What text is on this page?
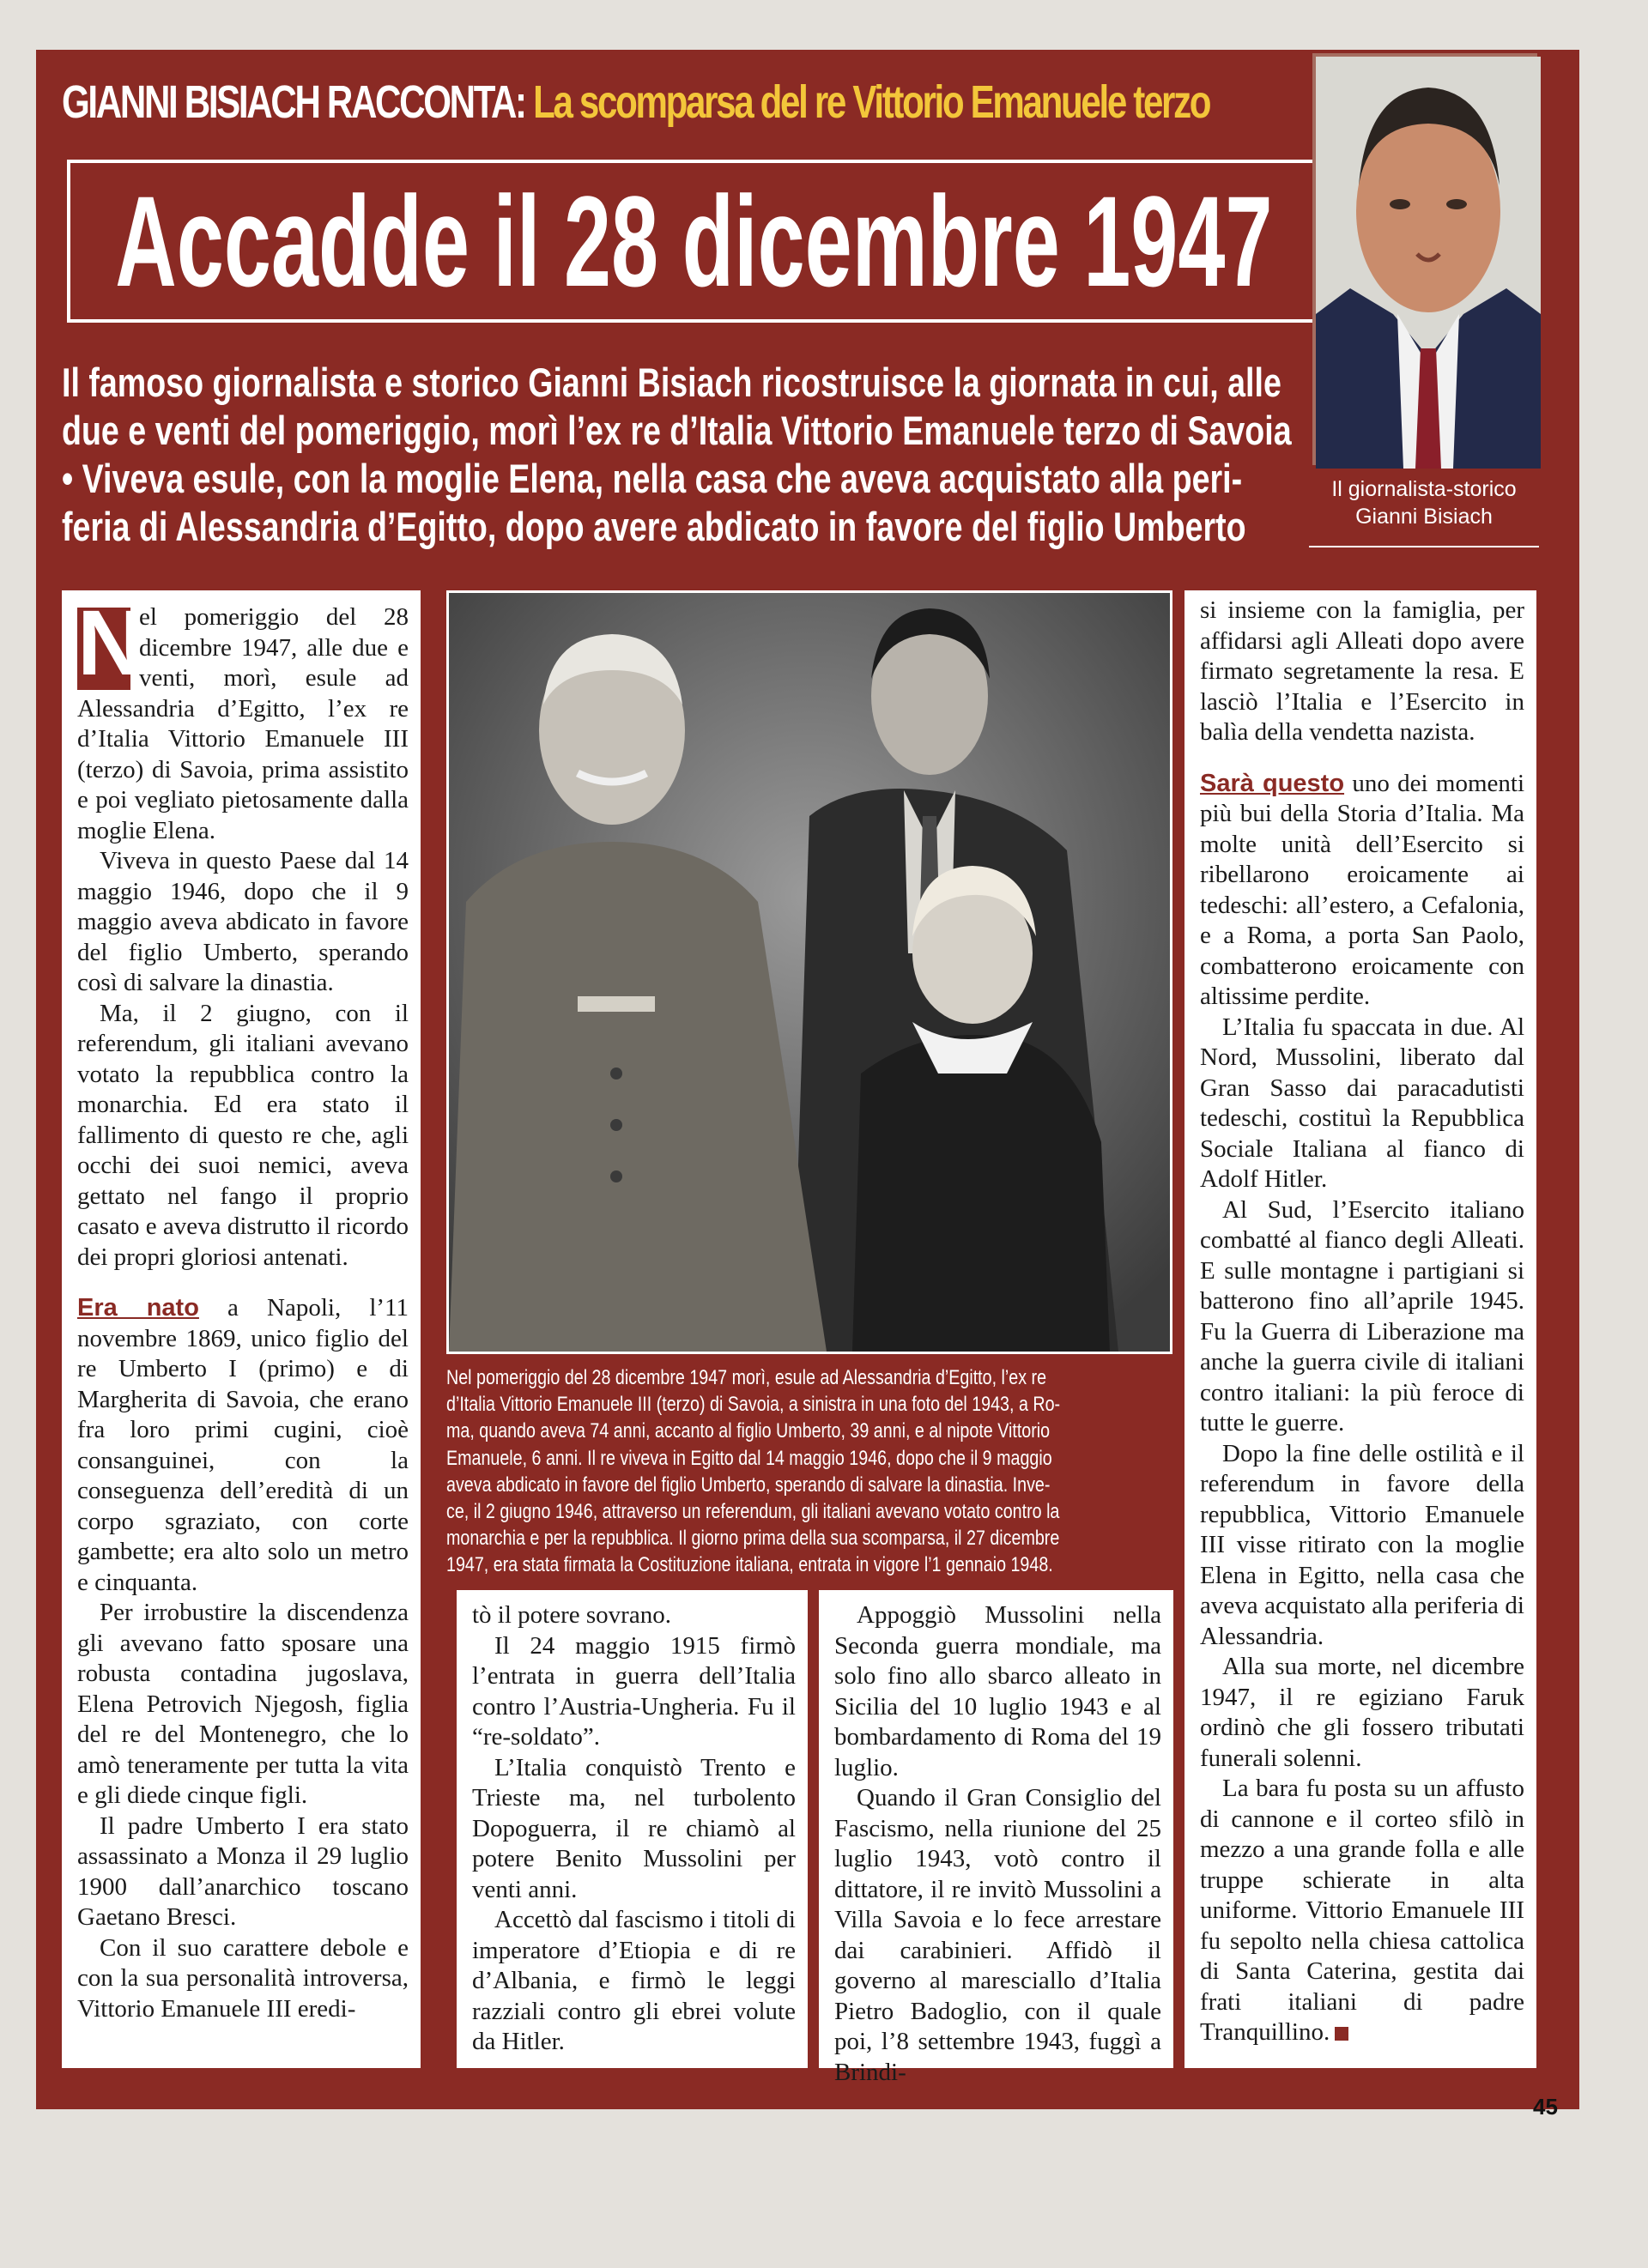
GIANNI BISIACH RACCONTA: La scomparsa del re Vittorio Emanuele terzo
Accadde il 28 dicembre 1947
Il giornalista-storico
Gianni Bisiach

Il famoso giornalista e storico Gianni Bisiach ricostruisce la giornata in cui, alle

due e venti del pomeriggio, morì l’ex re d’Italia Vittorio Emanuele terzo di Savoia

• Viveva esule, con la moglie Elena, nella casa che aveva acquistato alla peri-

feria di Alessandria d’Egitto, dopo avere abdicato in favore del figlio Umberto

N

el pomeriggio del 28 dicembre 1947, alle due e venti, morì, esule ad Alessandria d’Egitto, l’ex re d’Italia Vittorio Emanuele III (terzo) di Savoia, prima assistito e poi vegliato pietosamente dalla moglie Elena.

Viveva in questo Paese dal 14 maggio 1946, dopo che il 9 maggio aveva abdicato in favore del figlio Umberto, sperando così di salvare la dinastia.

Ma, il 2 giugno, con il referendum, gli italiani avevano votato la repubblica contro la monarchia. Ed era stato il fallimento di questo re che, agli occhi dei suoi nemici, aveva gettato nel fango il proprio casato e aveva distrutto il ricordo dei propri gloriosi antenati.

Era nato a Napoli, l’11 novembre 1869, unico figlio del re Umberto I (primo) e di Margherita di Savoia, che erano fra loro primi cugini, cioè consanguinei, con la conseguenza dell’eredità di un corpo sgraziato, con corte gambette; era alto solo un metro e cinquanta.

Per irrobustire la discendenza gli avevano fatto sposare una robusta contadina jugoslava, Elena Petrovich Njegosh, figlia del re del Montenegro, che lo amò teneramente per tutta la vita e gli diede cinque figli.

Il padre Umberto I era stato assassinato a Monza il 29 luglio 1900 dall’anarchico toscano Gaetano Bresci.

Con il suo carattere debole e con la sua personalità introversa, Vittorio Emanuele III eredi-

Nel pomeriggio del 28 dicembre 1947 morì, esule ad Alessandria d’Egitto, l’ex re

d’Italia Vittorio Emanuele III (terzo) di Savoia, a sinistra in una foto del 1943, a Ro-

ma, quando aveva 74 anni, accanto al figlio Umberto, 39 anni, e al nipote Vittorio

Emanuele, 6 anni. Il re viveva in Egitto dal 14 maggio 1946, dopo che il 9 maggio

aveva abdicato in favore del figlio Umberto, sperando di salvare la dinastia. Inve-

ce, il 2 giugno 1946, attraverso un referendum, gli italiani avevano votato contro la

monarchia e per la repubblica. Il giorno prima della sua scomparsa, il 27 dicembre

1947, era stata firmata la Costituzione italiana, entrata in vigore l’1 gennaio 1948.

tò il potere sovrano.

Il 24 maggio 1915 firmò l’entrata in guerra dell’Italia contro l’Austria-Ungheria. Fu il “re-soldato”.

L’Italia conquistò Trento e Trieste ma, nel turbolento Dopoguerra, il re chiamò al potere Benito Mussolini per venti anni.

Accettò dal fascismo i titoli di imperatore d’Etiopia e di re d’Albania, e firmò le leggi razziali contro gli ebrei volute da Hitler.

Appoggiò Mussolini nella Seconda guerra mondiale, ma solo fino allo sbarco alleato in Sicilia del 10 luglio 1943 e al bombardamento di Roma del 19 luglio.

Quando il Gran Consiglio del Fascismo, nella riunione del 25 luglio 1943, votò contro il dittatore, il re invitò Mussolini a Villa Savoia e lo fece arrestare dai carabinieri. Affidò il governo al maresciallo d’Italia Pietro Badoglio, con il quale poi, l’8 settembre 1943, fuggì a Brindi-

si insieme con la famiglia, per affidarsi agli Alleati dopo avere firmato segretamente la resa. E lasciò l’Italia e l’Esercito in balìa della vendetta nazista.

Sarà questo uno dei momenti più bui della Storia d’Italia. Ma molte unità dell’Esercito si ribellarono eroicamente ai tedeschi: all’estero, a Cefalonia, e a Roma, a porta San Paolo, combatterono eroicamente con altissime perdite.

L’Italia fu spaccata in due. Al Nord, Mussolini, liberato dal Gran Sasso dai paracadutisti tedeschi, costituì la Repubblica Sociale Italiana al fianco di Adolf Hitler.

Al Sud, l’Esercito italiano combatté al fianco degli Alleati. E sulle montagne i partigiani si batterono fino all’aprile 1945. Fu la Guerra di Liberazione ma anche la guerra civile di italiani contro italiani: la più feroce di tutte le guerre.

Dopo la fine delle ostilità e il referendum in favore della repubblica, Vittorio Emanuele III visse ritirato con la moglie Elena in Egitto, nella casa che aveva acquistato alla periferia di Alessandria.

Alla sua morte, nel dicembre 1947, il re egiziano Faruk ordinò che gli fossero tributati funerali solenni.

La bara fu posta su un affusto di cannone e il corteo sfilò in mezzo a una grande folla e alle truppe schierate in alta uniforme. Vittorio Emanuele III fu sepolto nella chiesa cattolica di Santa Caterina, gestita dai frati italiani di padre Tranquillino.

45
